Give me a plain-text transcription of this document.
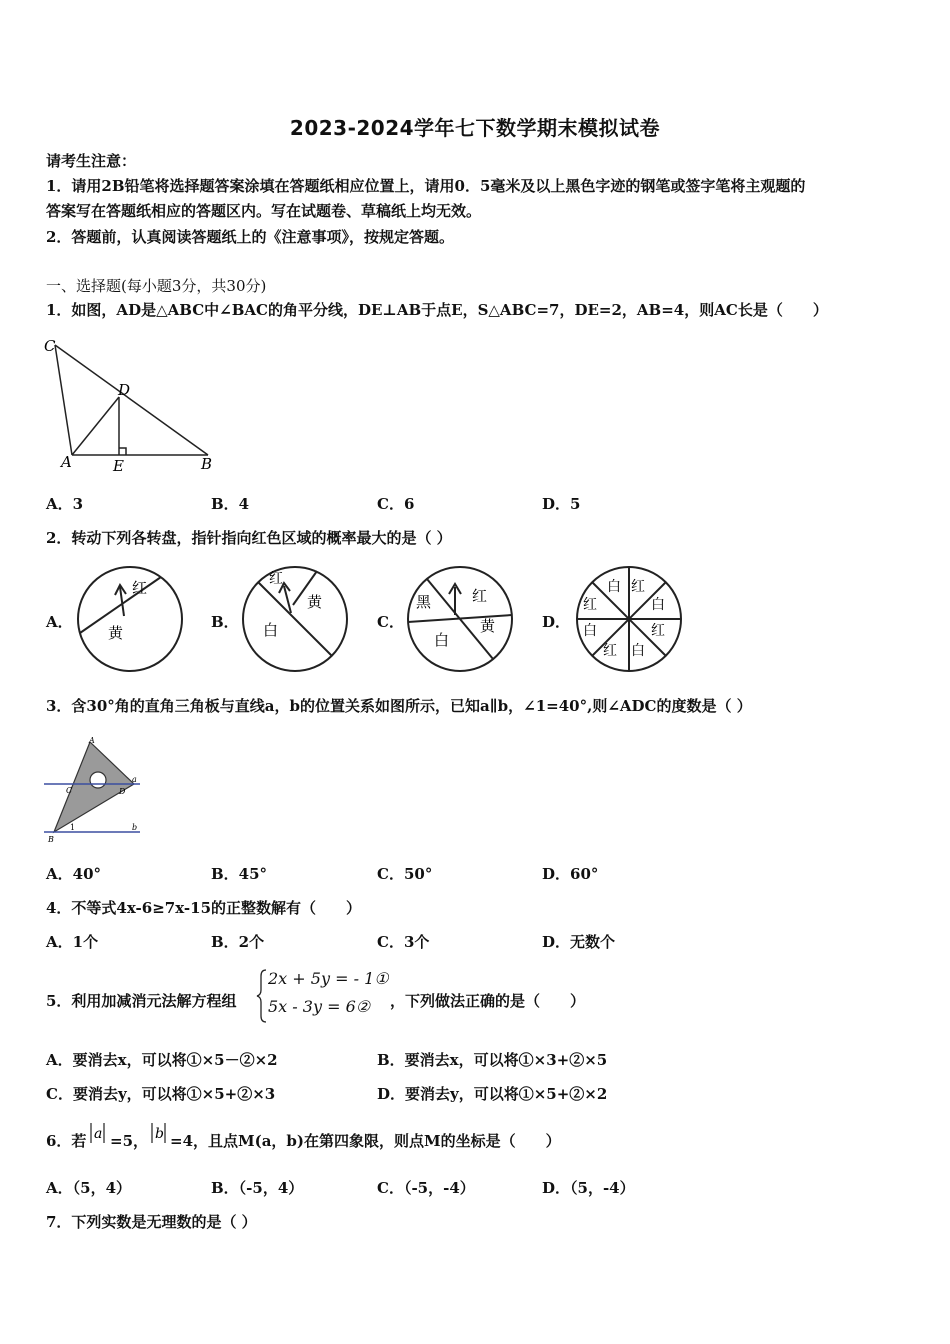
2023-2024学年七下数学期末模拟试卷
请考生注意：
1．请用2B铅笔将选择题答案涂填在答题纸相应位置上，请用0．5毫米及以上黑色字迹的钢笔或签字笔将主观题的
答案写在答题纸相应的答题区内。写在试题卷、草稿纸上均无效。
2．答题前，认真阅读答题纸上的《注意事项》，按规定答题。
一、选择题(每小题3分，共30分)
1．如图，AD是△ABC中∠BAC的角平分线，DE⊥AB于点E，S△ABC=7，DE=2，AB=4，则AC长是（　　）
C
D
A	E	B
A．3	B．4	C．6	D．5
2．转动下列各转盘，指针指向红色区域的概率最大的是（ ）
A．
红
黄
B．
红
黄
白	C．
黑	红
黄
白
D．
白 红
白
红
白
红
白
红
3．含30°角的直角三角板与直线a，b的位置关系如图所示，已知a∥b，∠1=40°,则∠ADC的度数是（ ）
A
C	D
B
a
b
1
A．40°	B．45°	C．50°	D．60°
4．不等式4x-6≥7x-15的正整数解有（　　）
A．1个	B．2个	C．3个	D．无数个
5．利用加减消元法解方程组
2x + 5y = - 1①
5x - 3y = 6② ，下列做法正确的是（　　）
A．要消去x，可以将①×5－②×2	B．要消去x，可以将①×3+②×5
C．要消去y，可以将①×5+②×3	D．要消去y，可以将①×5+②×2
6．若 a =5， b =4，且点M(a，b)在第四象限，则点M的坐标是（　　）
A．（5，4）	B．（-5，4）	C．（-5，-4）	D．（5，-4）
7．下列实数是无理数的是（ ）
